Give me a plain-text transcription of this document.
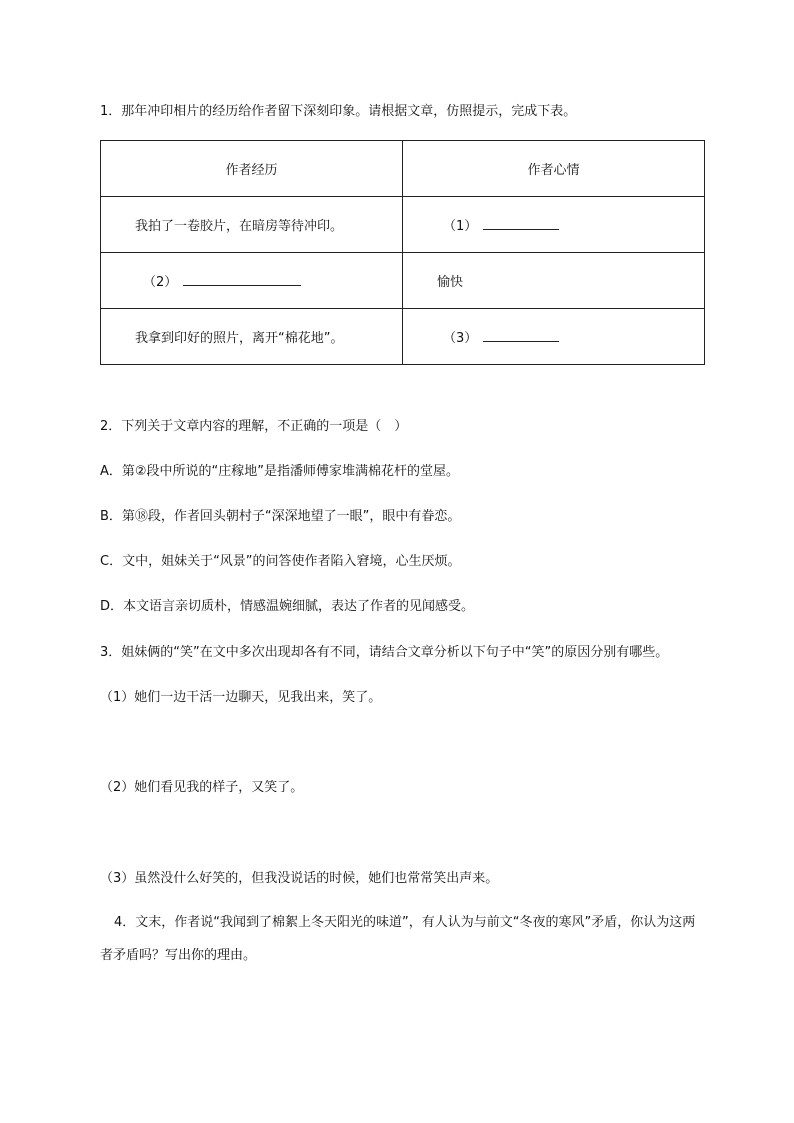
1．那年冲印相片的经历给作者留下深刻印象。请根据文章，仿照提示，完成下表。
作者经历	作者心情
我拍了一卷胶片，在暗房等待冲印。	（1）
（2）	愉快
我拿到印好的照片，离开“棉花地”。	（3）
2．下列关于文章内容的理解，不正确的一项是（　）
A．第②段中所说的“庄稼地”是指潘师傅家堆满棉花杆的堂屋。
B．第⑱段，作者回头朝村子“深深地望了一眼”，眼中有眷恋。
C．文中，姐妹关于“风景”的问答使作者陷入窘境，心生厌烦。
D．本文语言亲切质朴，情感温婉细腻，表达了作者的见闻感受。
3．姐妹俩的“笑”在文中多次出现却各有不同，请结合文章分析以下句子中“笑”的原因分别有哪些。
（1）她们一边干活一边聊天，见我出来，笑了。
（2）她们看见我的样子，又笑了。
（3）虽然没什么好笑的，但我没说话的时候，她们也常常笑出声来。
4．文末，作者说“我闻到了棉絮上冬天阳光的味道”，有人认为与前文“冬夜的寒风”矛盾，你认为这两者矛盾吗？写出你的理由。
